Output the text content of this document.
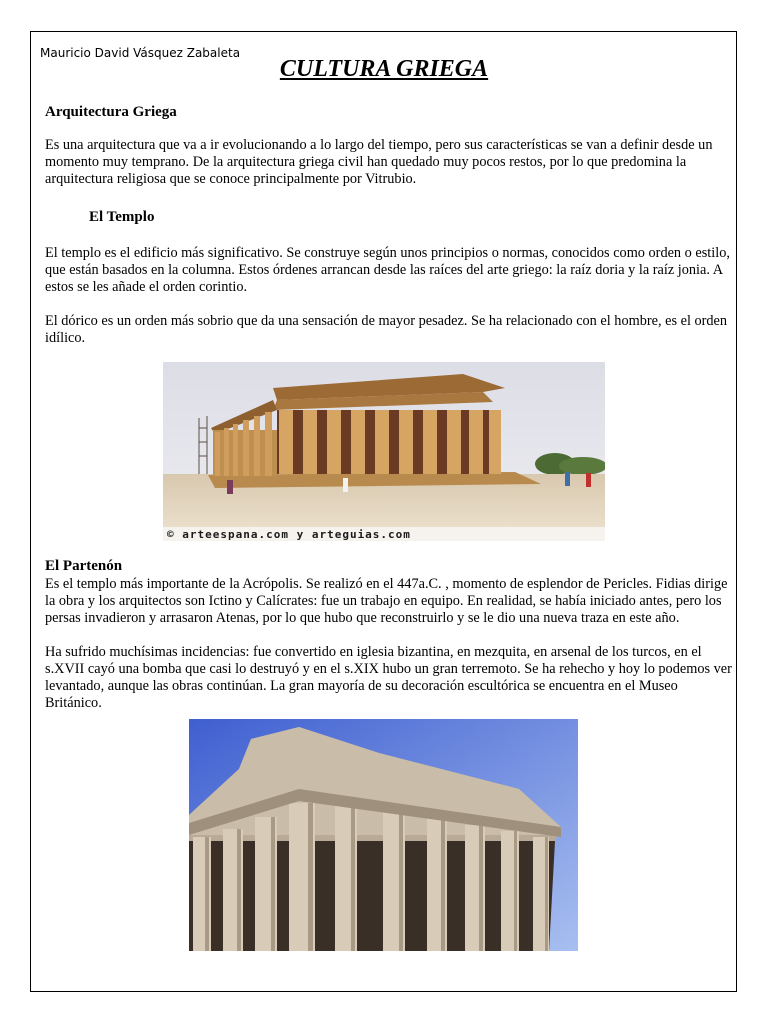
Mauricio David Vásquez Zabaleta
CULTURA GRIEGA
Arquitectura Griega

Es una arquitectura que va a ir evolucionando a lo largo del tiempo, pero sus características se van a definir desde un momento muy temprano. De la arquitectura griega civil han quedado muy pocos restos, por lo que predomina la arquitectura religiosa que se conoce principalmente por Vitrubio.

El Templo

El templo es el edificio más significativo. Se construye según unos principios o normas, conocidos como orden o estilo, que están basados en la columna. Estos órdenes arrancan desde las raíces del arte griego: la raíz doria y la raíz jonia. A estos se les añade el orden corintio.

El dórico es un orden más sobrio que da una sensación de mayor pesadez. Se ha relacionado con el hombre, es el orden idílico.

© arteespana.com y arteguias.com
El Partenón

Es el templo más importante de la Acrópolis. Se realizó en el 447a.C. , momento de esplendor de Pericles. Fidias dirige la obra y los arquitectos son Ictino y Calícrates: fue un trabajo en equipo. En realidad, se había iniciado antes, pero los persas invadieron y arrasaron Atenas, por lo que hubo que reconstruirlo y se le dio una nueva traza en este año.

Ha sufrido muchísimas incidencias: fue convertido en iglesia bizantina, en mezquita, en arsenal de los turcos, en el s.XVII cayó una bomba que casi lo destruyó y en el s.XIX hubo un gran terremoto. Se ha rehecho y hoy lo podemos ver levantado, aunque las obras continúan. La gran mayoría de su decoración escultórica se encuentra en el Museo Británico.
